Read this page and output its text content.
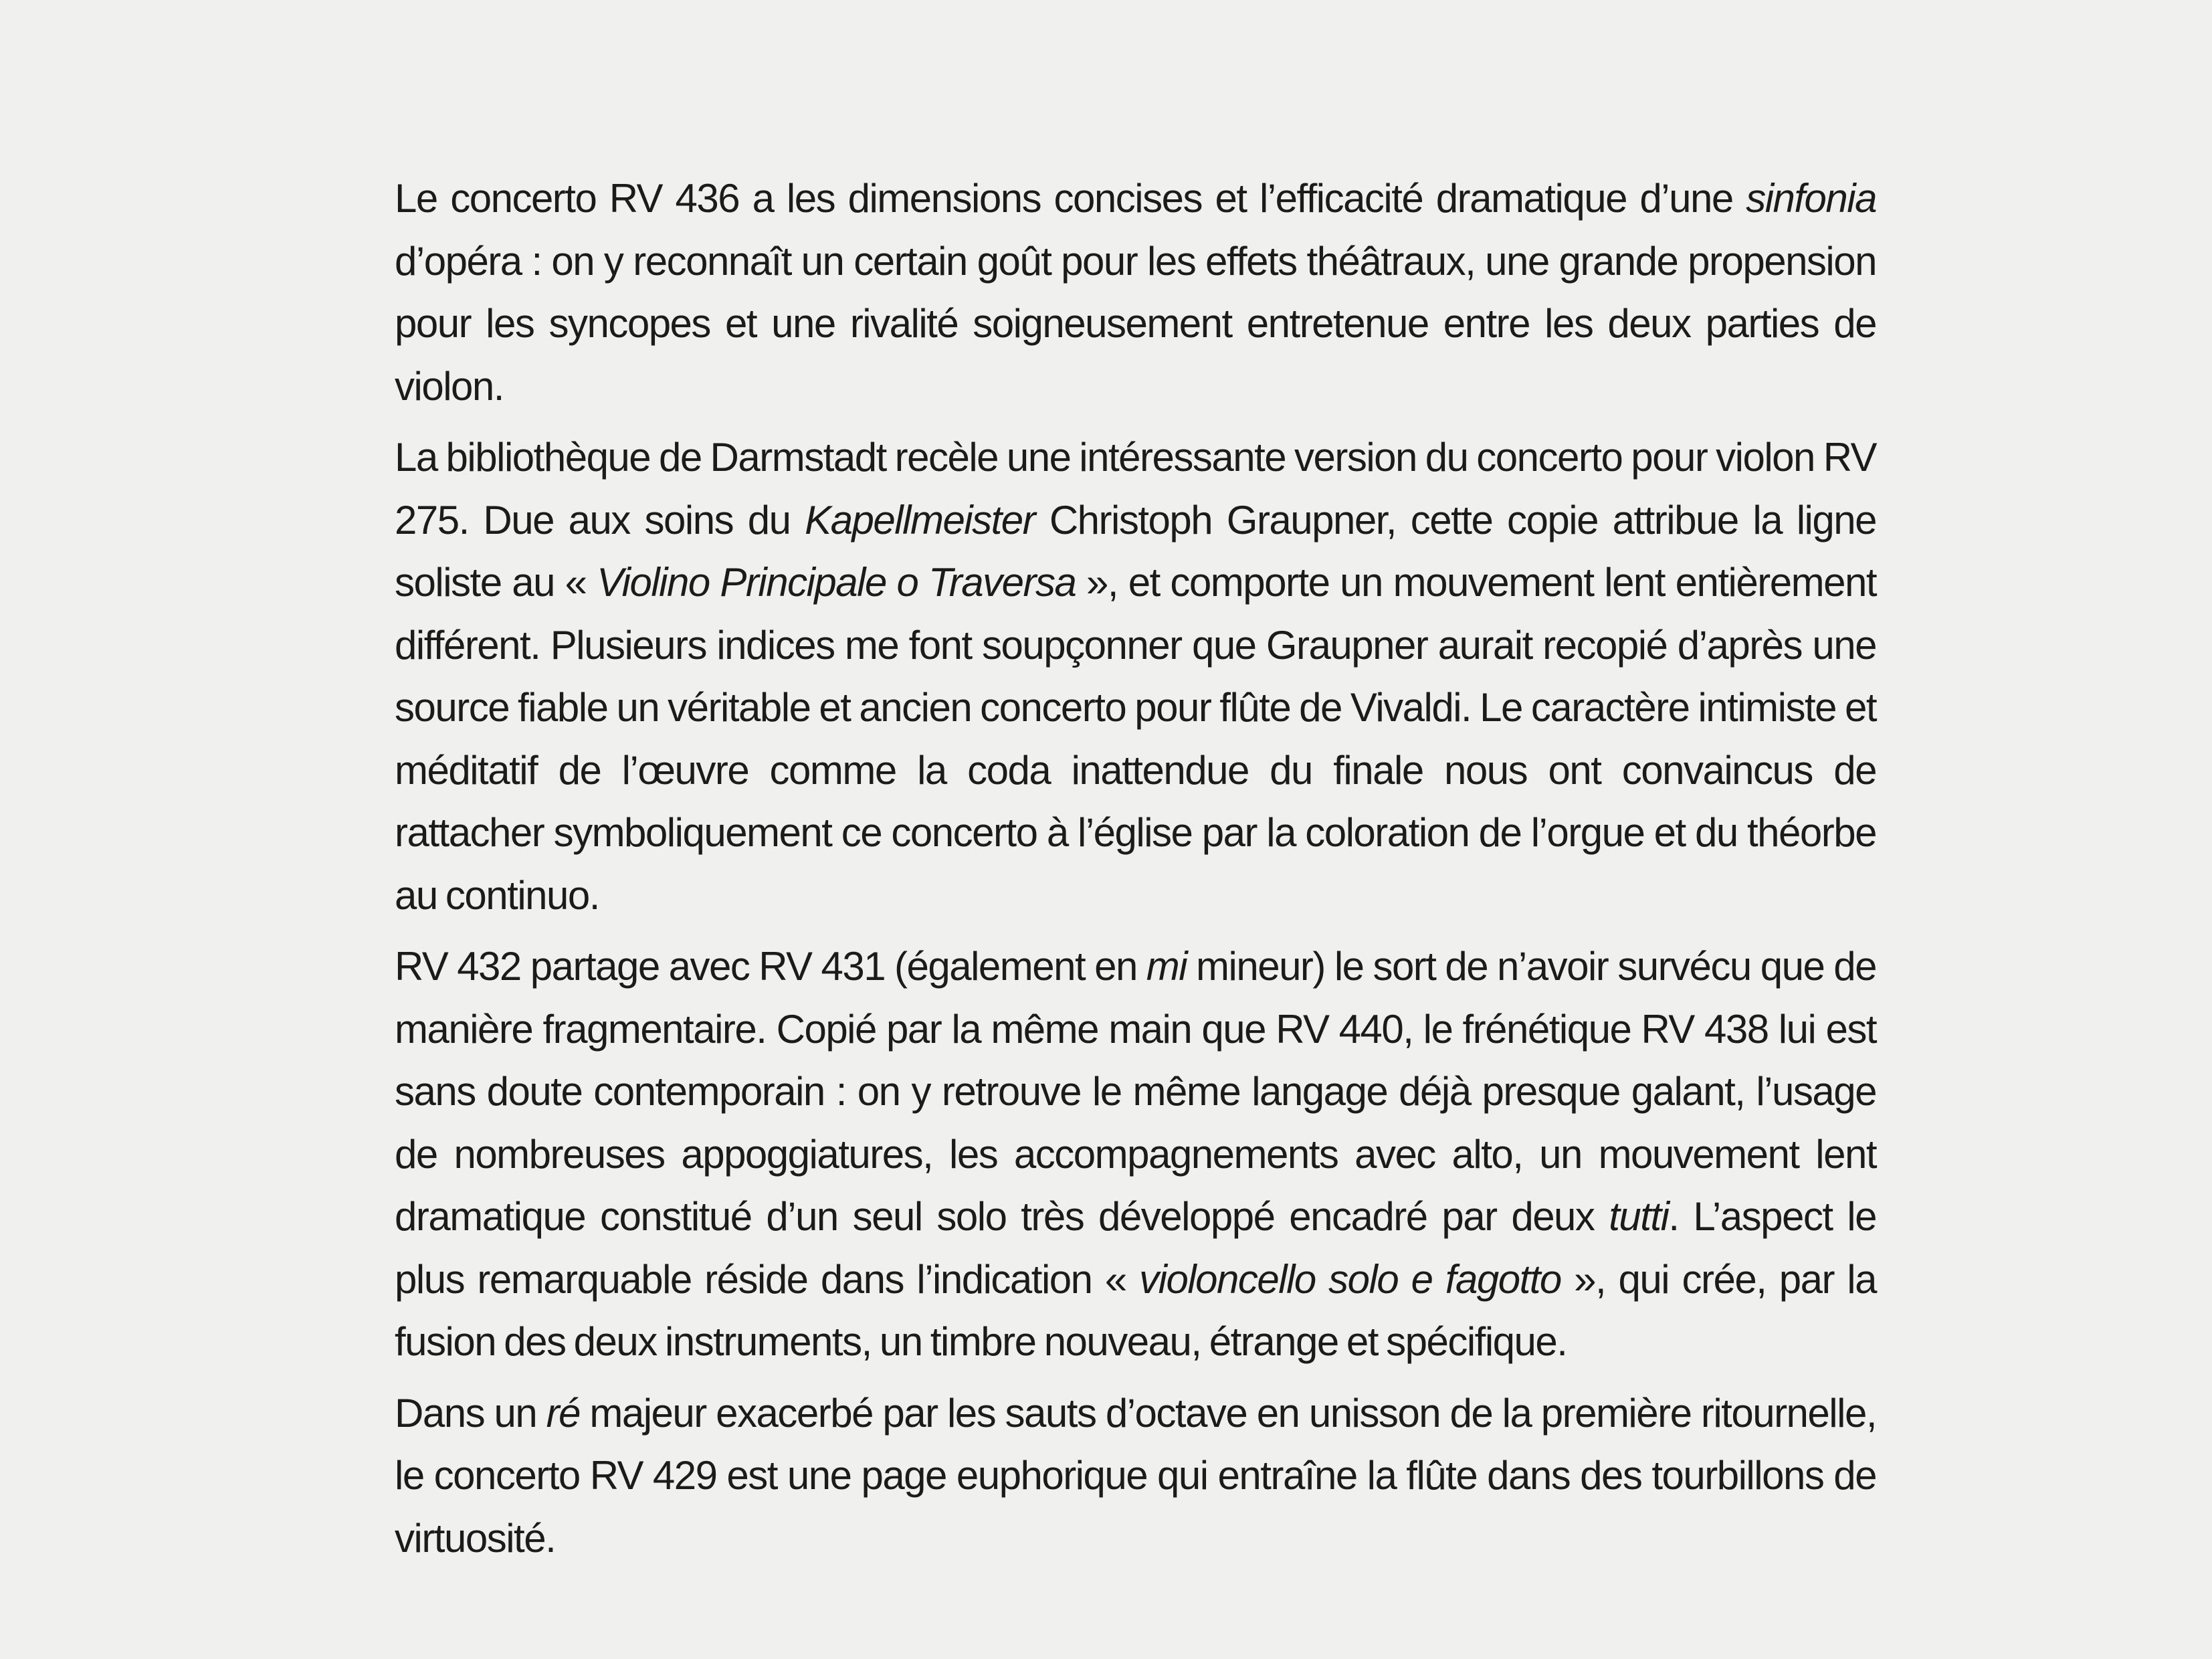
Le concerto RV 436 a les dimensions concises et l’efficacité dramatique d’une sinfonia d’opéra : on y reconnaît un certain goût pour les effets théâtraux, une grande propension pour les syncopes et une rivalité soigneusement entretenue entre les deux parties de violon.

La bibliothèque de Darmstadt recèle une intéressante version du concerto pour violon RV 275. Due aux soins du Kapellmeister Christoph Graupner, cette copie attribue la ligne soliste au « Violino Principale o Traversa », et comporte un mouvement lent entièrement différent. Plusieurs indices me font soupçonner que Graupner aurait recopié d’après une source fiable un véritable et ancien concerto pour flûte de Vivaldi. Le caractère intimiste et méditatif de l’œuvre comme la coda inattendue du finale nous ont convaincus de rattacher symboliquement ce concerto à l’église par la coloration de l’orgue et du théorbe au continuo.

RV 432 partage avec RV 431 (également en mi mineur) le sort de n’avoir survécu que de manière fragmentaire. Copié par la même main que RV 440, le frénétique RV 438 lui est sans doute contemporain : on y retrouve le même langage déjà presque galant, l’usage de nombreuses appoggiatures, les accompagnements avec alto, un mouvement lent dramatique constitué d’un seul solo très développé encadré par deux tutti. L’aspect le plus remarquable réside dans l’indication « violoncello solo e fagotto », qui crée, par la fusion des deux instruments, un timbre nouveau, étrange et spécifique.

Dans un ré majeur exacerbé par les sauts d’octave en unisson de la première ritournelle, le concerto RV 429 est une page euphorique qui entraîne la flûte dans des tourbillons de virtuosité.
